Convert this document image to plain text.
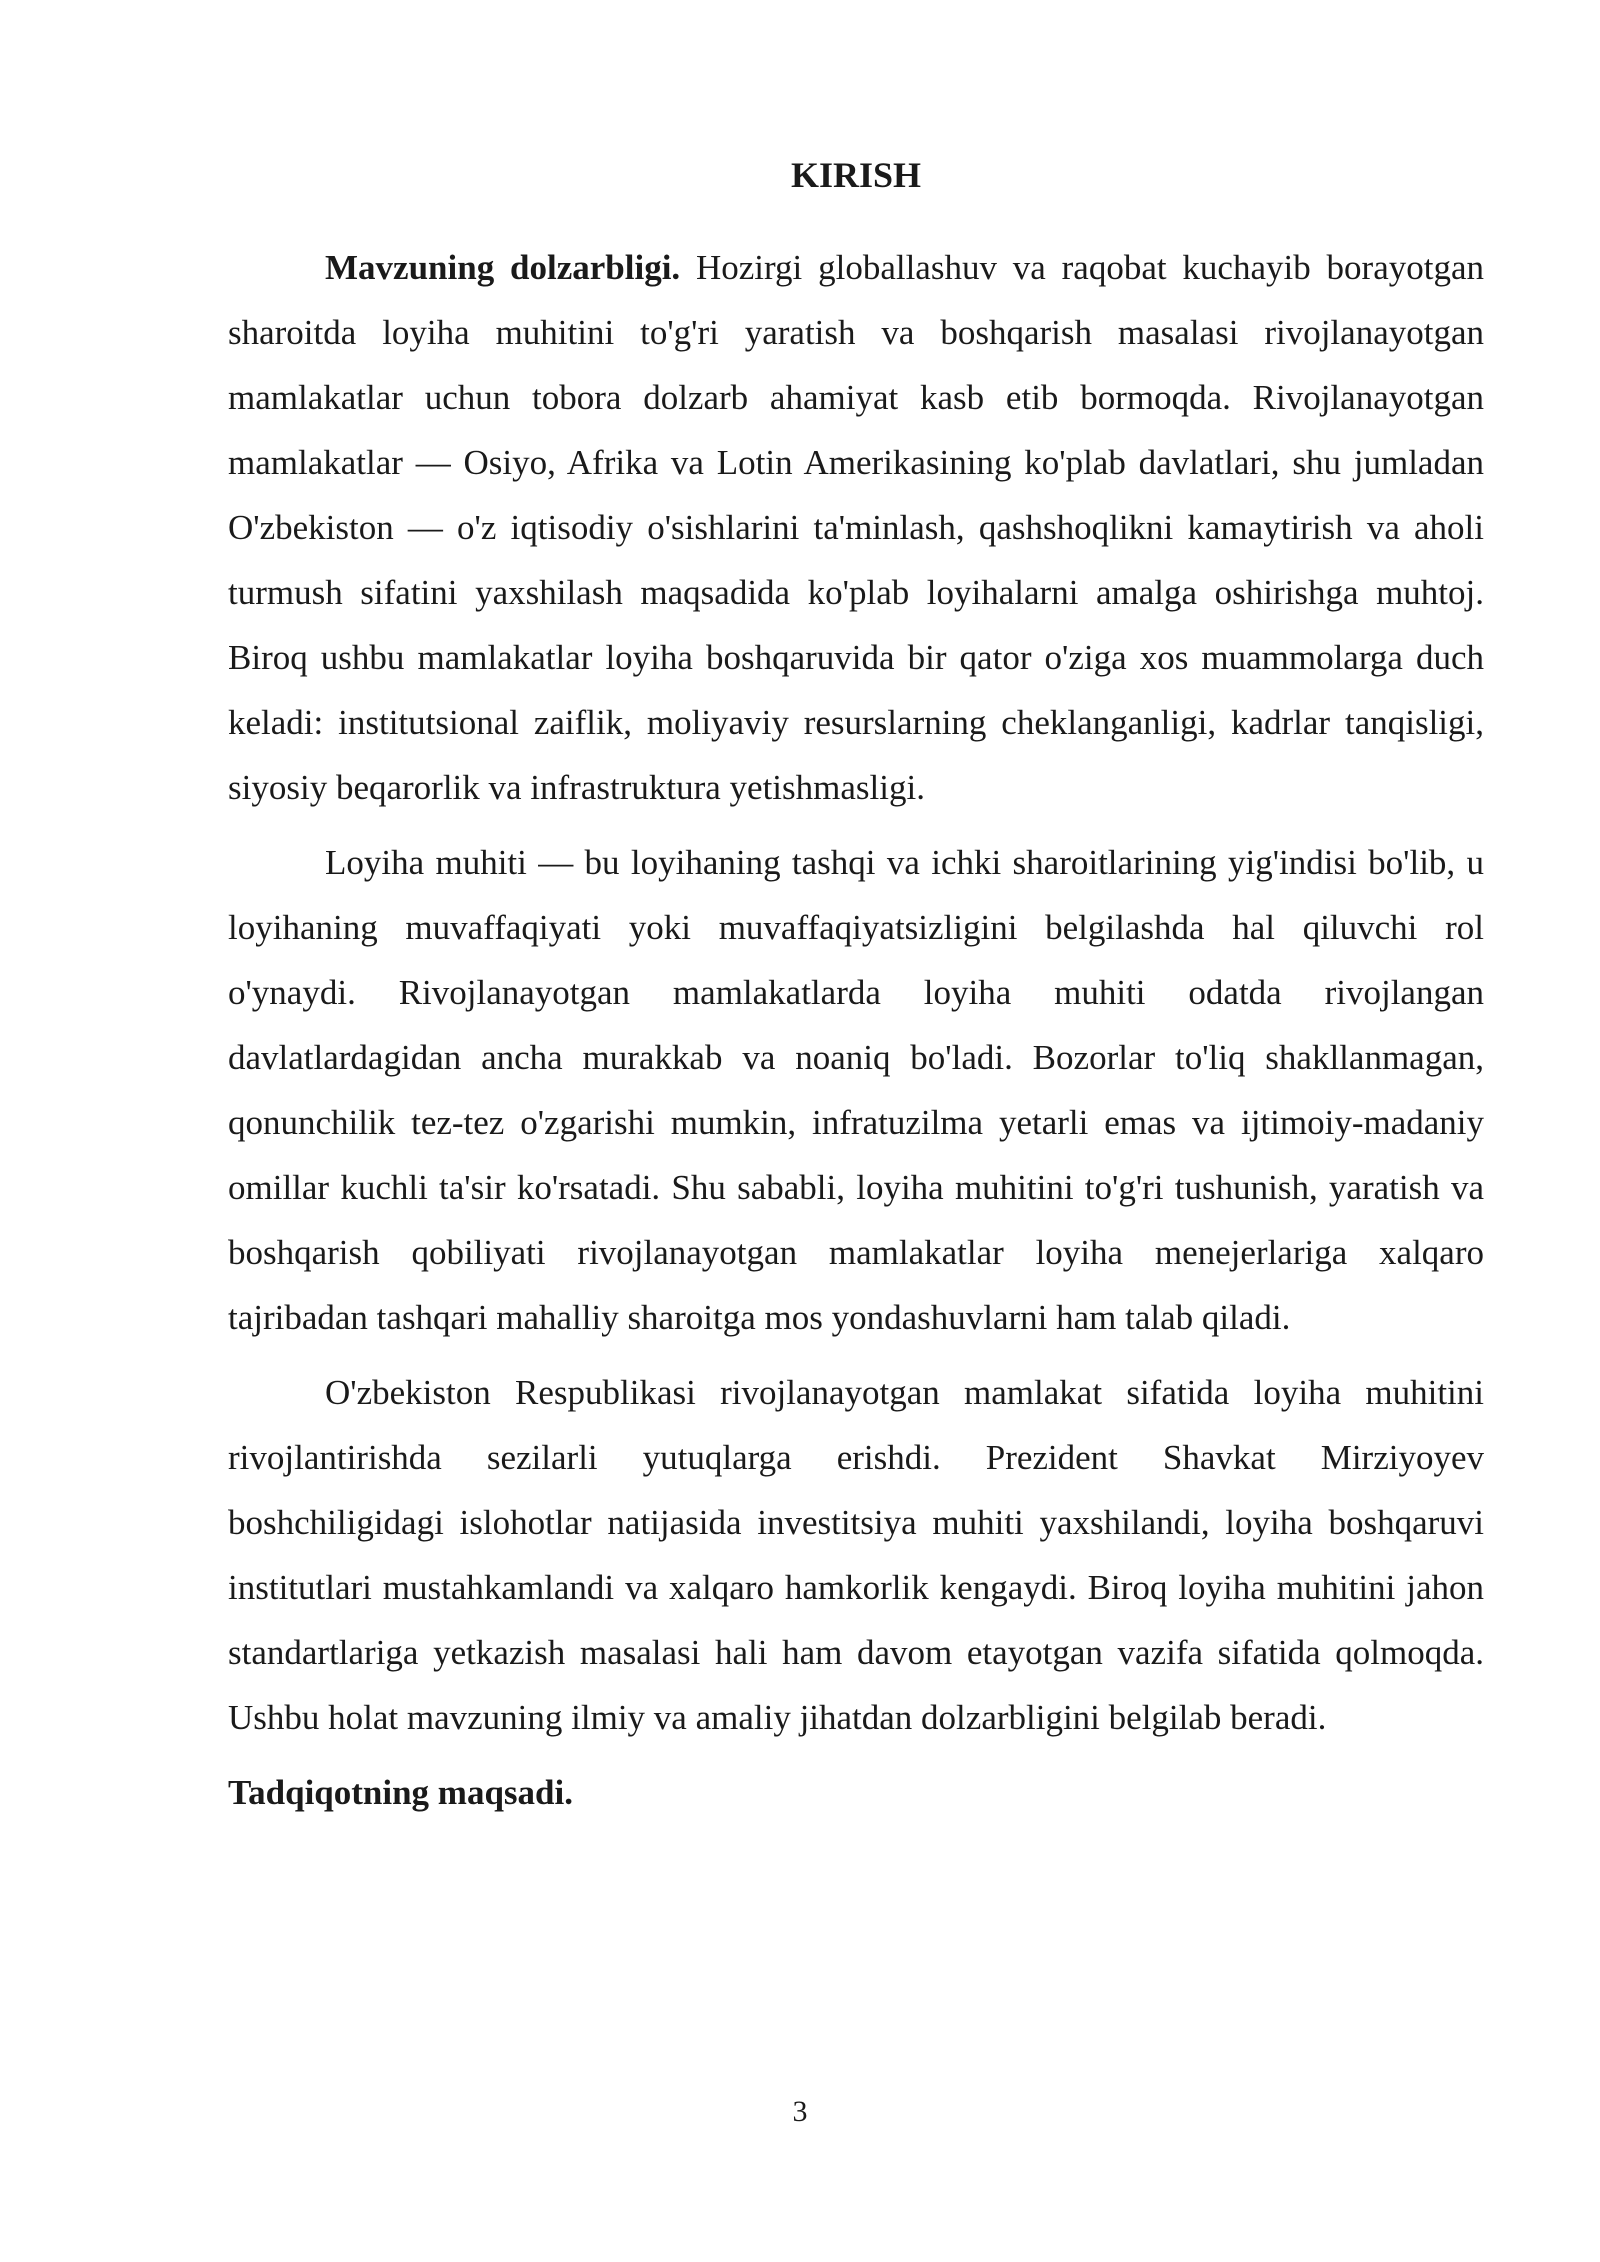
KIRISH

Mavzuning dolzarbligi. Hozirgi globallashuv va raqobat kuchayib borayotgan sharoitda loyiha muhitini to'g'ri yaratish va boshqarish masalasi rivojlanayotgan mamlakatlar uchun tobora dolzarb ahamiyat kasb etib bormoqda. Rivojlanayotgan mamlakatlar — Osiyo, Afrika va Lotin Amerikasining ko'plab davlatlari, shu jumladan O'zbekiston — o'z iqtisodiy o'sishlarini ta'minlash, qashshoqlikni kamaytirish va aholi turmush sifatini yaxshilash maqsadida ko'plab loyihalarni amalga oshirishga muhtoj. Biroq ushbu mamlakatlar loyiha boshqaruvida bir qator o'ziga xos muammolarga duch keladi: institutsional zaiflik, moliyaviy resurslarning cheklanganligi, kadrlar tanqisligi, siyosiy beqarorlik va infrastruktura yetishmasligi.

Loyiha muhiti — bu loyihaning tashqi va ichki sharoitlarining yig'indisi bo'lib, u loyihaning muvaffaqiyati yoki muvaffaqiyatsizligini belgilashda hal qiluvchi rol o'ynaydi. Rivojlanayotgan mamlakatlarda loyiha muhiti odatda rivojlangan davlatlardagidan ancha murakkab va noaniq bo'ladi. Bozorlar to'liq shakllanmagan, qonunchilik tez-tez o'zgarishi mumkin, infratuzilma yetarli emas va ijtimoiy-madaniy omillar kuchli ta'sir ko'rsatadi. Shu sababli, loyiha muhitini to'g'ri tushunish, yaratish va boshqarish qobiliyati rivojlanayotgan mamlakatlar loyiha menejerlariga xalqaro tajribadan tashqari mahalliy sharoitga mos yondashuvlarni ham talab qiladi.

O'zbekiston Respublikasi rivojlanayotgan mamlakat sifatida loyiha muhitini rivojlantirishda sezilarli yutuqlarga erishdi. Prezident Shavkat Mirziyoyev boshchiligidagi islohotlar natijasida investitsiya muhiti yaxshilandi, loyiha boshqaruvi institutlari mustahkamlandi va xalqaro hamkorlik kengaydi. Biroq loyiha muhitini jahon standartlariga yetkazish masalasi hali ham davom etayotgan vazifa sifatida qolmoqda. Ushbu holat mavzuning ilmiy va amaliy jihatdan dolzarbligini belgilab beradi.

Tadqiqotning maqsadi.

3
